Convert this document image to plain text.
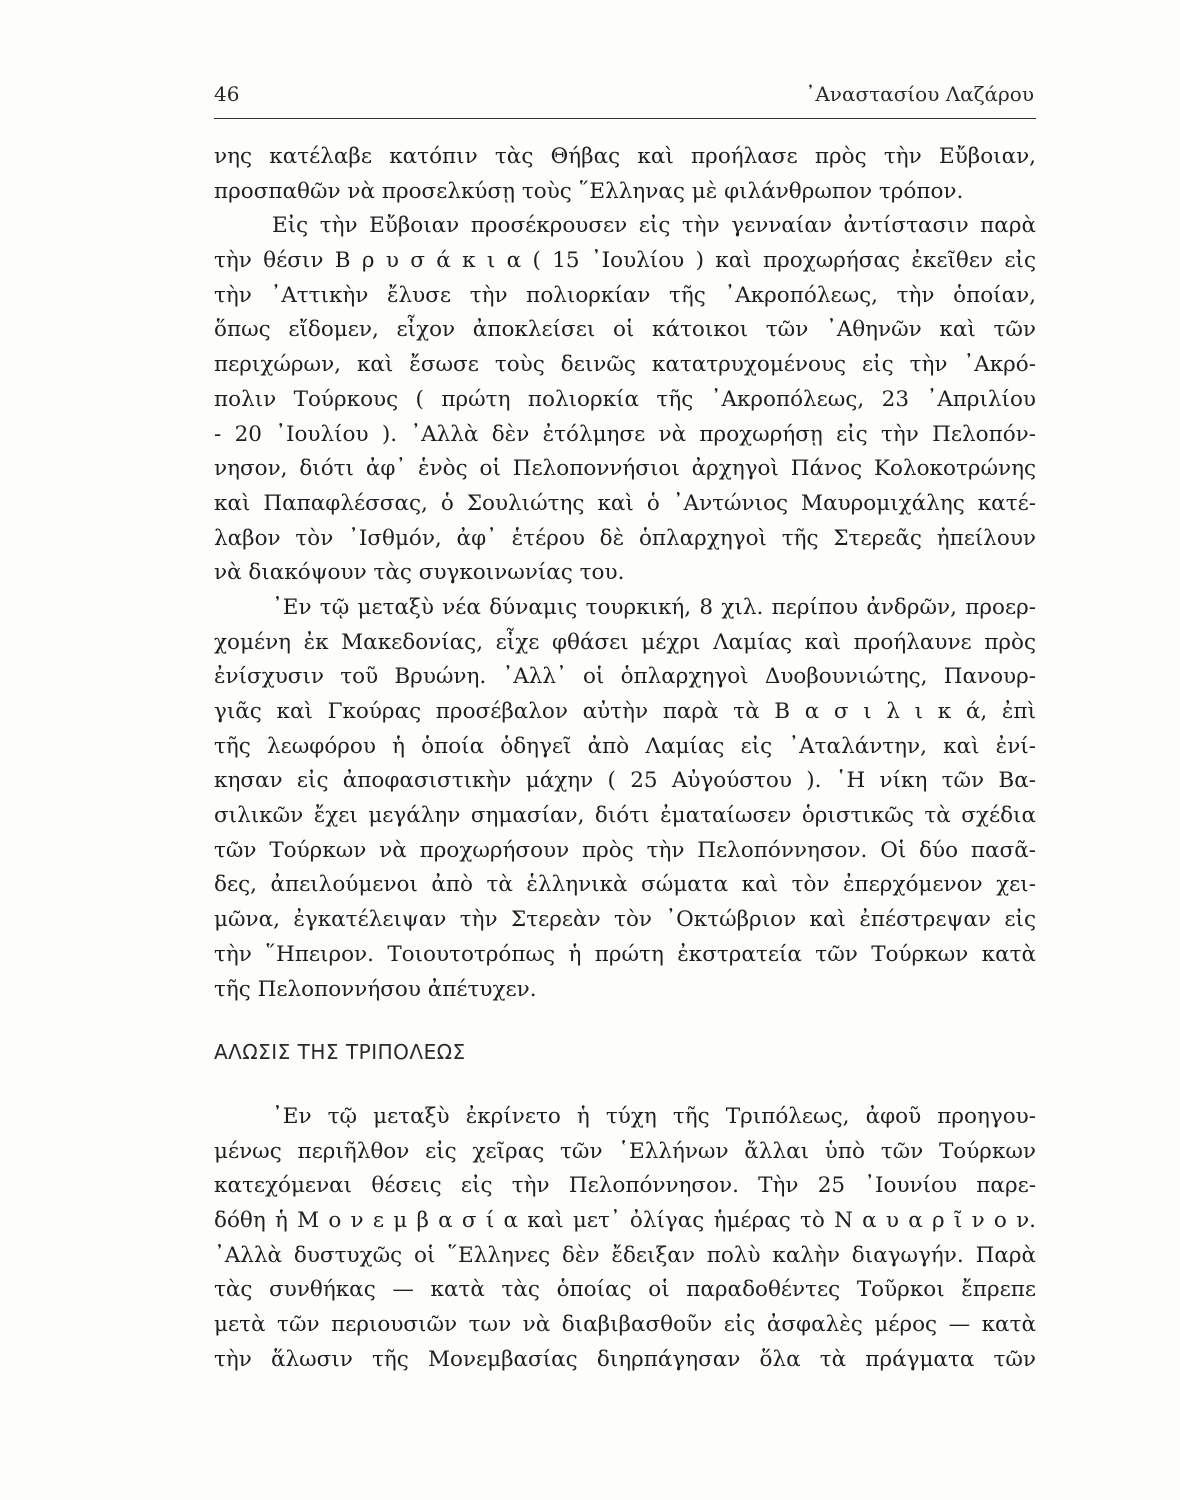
46	᾿Αναστασίου Λαζάρου
νης κατέλαβε κατόπιν τὰς Θήβας καὶ προήλασε πρὸς τὴν Εὔβοιαν,
προσπαθῶν νὰ προσελκύσῃ τοὺς ῞Ελληνας μὲ φιλάνθρωπον τρόπον.
Εἰς τὴν Εὔβοιαν προσέκρουσεν εἰς τὴν γενναίαν ἀντίστασιν παρὰ
τὴν θέσιν Β ρ υ σ ά κ ι α ( 15 ᾿Ιουλίου ) καὶ προχωρήσας ἐκεῖθεν εἰς
τὴν ᾿Αττικὴν ἔλυσε τὴν πολιορκίαν τῆς ᾿Ακροπόλεως, τὴν ὁποίαν,
ὅπως εἴδομεν, εἶχον ἀποκλείσει οἱ κάτοικοι τῶν ᾿Αθηνῶν καὶ τῶν
περιχώρων, καὶ ἔσωσε τοὺς δεινῶς κατατρυχομένους εἰς τὴν ᾿Ακρό-
πολιν Τούρκους ( πρώτη πολιορκία τῆς ᾿Ακροπόλεως, 23 ᾿Απριλίου
- 20 ᾿Ιουλίου ). ᾿Αλλὰ δὲν ἐτόλμησε νὰ προχωρήσῃ εἰς τὴν Πελοπόν-
νησον, διότι ἀφ᾿ ἑνὸς οἱ Πελοποννήσιοι ἀρχηγοὶ Πάνος Κολοκοτρώνης
καὶ Παπαφλέσσας, ὁ Σουλιώτης καὶ ὁ ᾿Αντώνιος Μαυρομιχάλης κατέ-
λαβον τὸν ᾿Ισθμόν, ἀφ᾿ ἑτέρου δὲ ὁπλαρχηγοὶ τῆς Στερεᾶς ἠπείλουν
νὰ διακόψουν τὰς συγκοινωνίας του.
᾿Εν τῷ μεταξὺ νέα δύναμις τουρκική, 8 χιλ. περίπου ἀνδρῶν, προερ-
χομένη ἐκ Μακεδονίας, εἶχε φθάσει μέχρι Λαμίας καὶ προήλαυνε πρὸς
ἐνίσχυσιν τοῦ Βρυώνη. ᾿Αλλ᾿ οἱ ὁπλαρχηγοὶ Δυοβουνιώτης, Πανουρ-
γιᾶς καὶ Γκούρας προσέβαλον αὐτὴν παρὰ τὰ Β α σ ι λ ι κ ά, ἐπὶ
τῆς λεωφόρου ἡ ὁποία ὁδηγεῖ ἀπὸ Λαμίας εἰς ᾿Αταλάντην, καὶ ἐνί-
κησαν εἰς ἀποφασιστικὴν μάχην ( 25 Αὐγούστου ). ῾Η νίκη τῶν Βα-
σιλικῶν ἔχει μεγάλην σημασίαν, διότι ἐματαίωσεν ὁριστικῶς τὰ σχέδια
τῶν Τούρκων νὰ προχωρήσουν πρὸς τὴν Πελοπόννησον. Οἱ δύο πασᾶ-
δες, ἀπειλούμενοι ἀπὸ τὰ ἑλληνικὰ σώματα καὶ τὸν ἐπερχόμενον χει-
μῶνα, ἐγκατέλειψαν τὴν Στερεὰν τὸν ᾿Οκτώβριον καὶ ἐπέστρεψαν εἰς
τὴν ῞Ηπειρον. Τοιουτοτρόπως ἡ πρώτη ἐκστρατεία τῶν Τούρκων κατὰ
τῆς Πελοποννήσου ἀπέτυχεν.
ΑΛΩΣΙΣ ΤΗΣ ΤΡΙΠΟΛΕΩΣ
᾿Εν τῷ μεταξὺ ἐκρίνετο ἡ τύχη τῆς Τριπόλεως, ἀφοῦ προηγου-
μένως περιῆλθον εἰς χεῖρας τῶν ῾Ελλήνων ἄλλαι ὑπὸ τῶν Τούρκων
κατεχόμεναι θέσεις εἰς τὴν Πελοπόννησον. Τὴν 25 ᾿Ιουνίου παρε-
δόθη ἡ Μ ο ν ε μ β α σ ί α καὶ μετ᾿ ὀλίγας ἡμέρας τὸ Ν α υ α ρ ῖ ν ο ν.
᾿Αλλὰ δυστυχῶς οἱ ῞Ελληνες δὲν ἔδειξαν πολὺ καλὴν διαγωγήν. Παρὰ
τὰς συνθήκας — κατὰ τὰς ὁποίας οἱ παραδοθέντες Τοῦρκοι ἔπρεπε
μετὰ τῶν περιουσιῶν των νὰ διαβιβασθοῦν εἰς ἀσφαλὲς μέρος — κατὰ
τὴν ἅλωσιν τῆς Μονεμβασίας διηρπάγησαν ὅλα τὰ πράγματα τῶν
